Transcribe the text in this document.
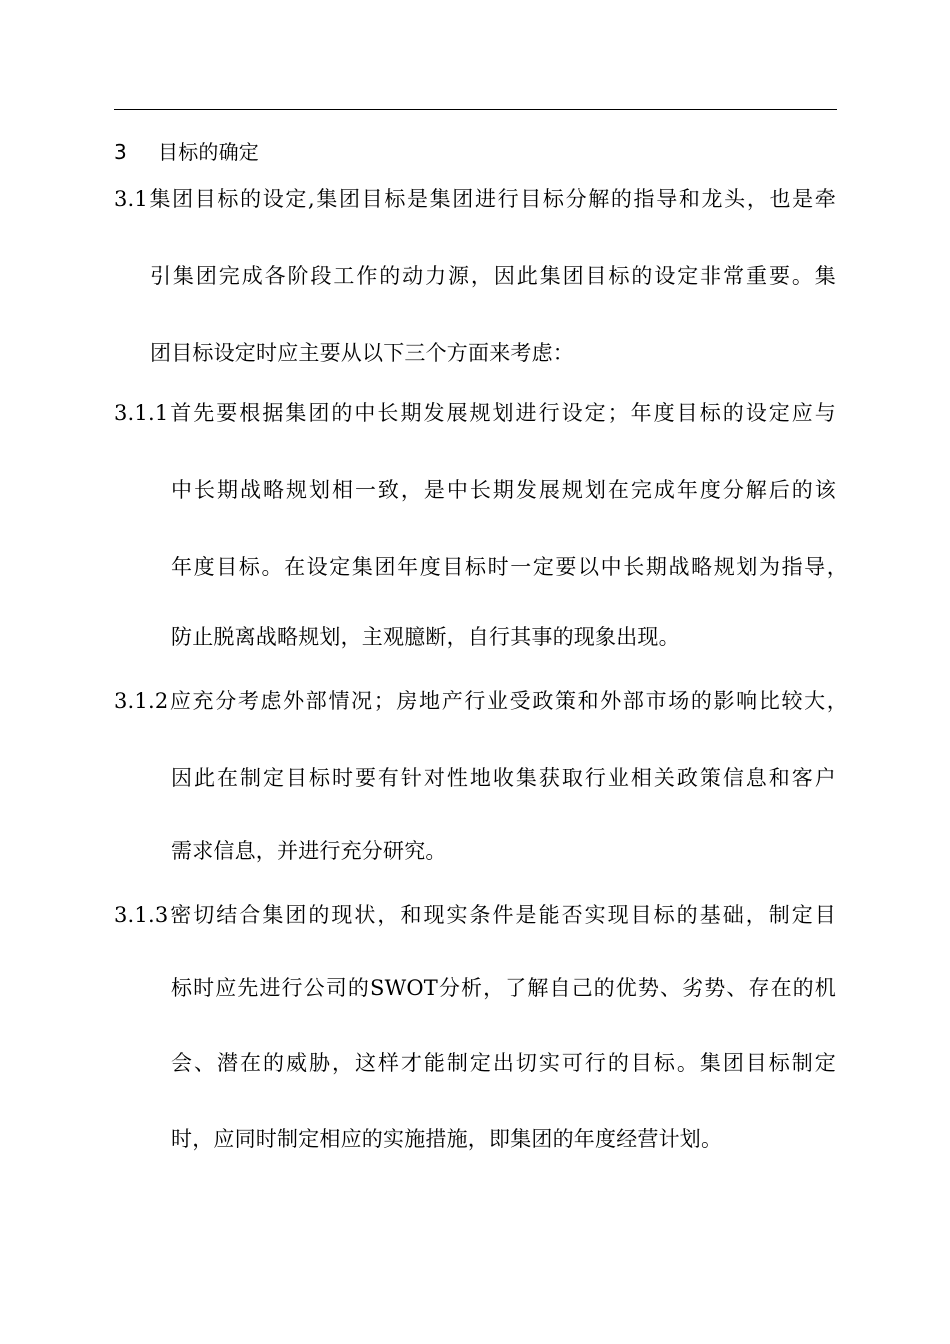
3 目标的确定
3.1集团目标的设定,集团目标是集团进行目标分解的指导和龙头，也是牵
引集团完成各阶段工作的动力源，因此集团目标的设定非常重要。集
团目标设定时应主要从以下三个方面来考虑：
3.1.1首先要根据集团的中长期发展规划进行设定；年度目标的设定应与
中长期战略规划相一致，是中长期发展规划在完成年度分解后的该
年度目标。在设定集团年度目标时一定要以中长期战略规划为指导，
防止脱离战略规划，主观臆断，自行其事的现象出现。
3.1.2应充分考虑外部情况；房地产行业受政策和外部市场的影响比较大，
因此在制定目标时要有针对性地收集获取行业相关政策信息和客户
需求信息，并进行充分研究。
3.1.3密切结合集团的现状，和现实条件是能否实现目标的基础，制定目
标时应先进行公司的SWOT分析，了解自己的优势、劣势、存在的机
会、潜在的威胁，这样才能制定出切实可行的目标。集团目标制定
时，应同时制定相应的实施措施，即集团的年度经营计划。
